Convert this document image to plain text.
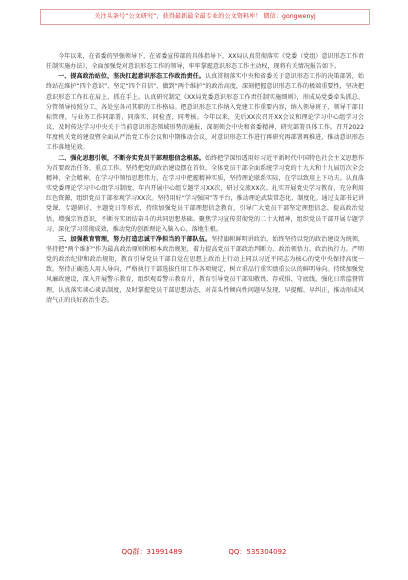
关注头条号“公文研究”，获得最新最全最专业的公文资料库！ 微信：gongwenyj

今年以来，在省委的坚强领导下，在省委宣传部的具体指导下，XX局认真贯彻落实《党委（党组）意识形态工作责任制实施办法》，全面加强党对意识形态工作的领导，牢牢掌握意识形态工作主动权，现将有关情况报告如下。

一、提高政治站位，坚决扛起意识形态工作政治责任。认真贯彻落实中央和省委关于意识形态工作的决策部署，始终站在维护“四个意识”、坚定“四个自信”、做到“两个维护”的政治高度，深刻把握意识形态工作的极端重要性，坚决把意识形态工作扛在肩上、抓在手上。认真研究制定《XX局党委意识形态工作责任制实施细则》，形成局党委牵头抓总、分管领导按照分工、各处室各司其职的工作格局。把意识形态工作纳入党建工作重要内容，纳入领导班子、领导干部目标管理，与业务工作同部署、同落实、同检查、同考核。今年以来，先后XX次召开XX会议和理论学习中心组学习会议，及时传达学习中央关于当前意识形态领域形势的通报，深刻领会中央和省委精神，研究部署具体工作。召开2022年度机关党的建设暨全面从严治党工作会议和中期推动会议，对意识形态工作进行再研究再部署再推进，推动意识形态工作落地见效。

二、强化思想引领，不断夯实党员干部理想信念根基。始终把学深悟透用好习近平新时代中国特色社会主义思想作为首要政治任务、重点工作。坚持把党的政治建设摆在首位，全体党员干部全面系统学习党的十九大和十九届历次全会精神、全会精神，在学习中领悟思想伟力，在学习中把握精神实质，坚持理论联系实际，在学以致用上下功夫。认真落实党委理论学习中心组学习制度，年内开展中心组专题学习XX次，研讨交流XX次。扎实开展党史学习教育，充分利用红色资源，组织党员干部参观学习XX次。坚持用好“学习强国”等平台，推动理论武装常态化、制度化。通过支部书记讲党课、专题研讨、主题党日等形式，持续加强党员干部理想信念教育，引导广大党员干部坚定理想信念、提高政治觉悟、增强宗旨意识，不断夯实团结奋斗的共同思想基础。聚焦学习宣传贯彻党的二十大精神，组织党员干部开展专题学习，深化学习贯彻成效，推动党的创新理论入脑入心、落地生根。

三、加强教育管理，努力打造忠诚干净担当的干部队伍。坚持旗帜鲜明讲政治，始终坚持以党的政治建设为统领，坚持把“两个维护”作为最高政治原则和根本政治规矩，着力提高党员干部政治判断力、政治领悟力、政治执行力。严明党的政治纪律和政治规矩，教育引导党员干部自觉在思想上政治上行动上同以习近平同志为核心的党中央保持高度一致。坚持正确选人用人导向，严格执行干部选拔任用工作各项规定，树立重品行重实绩重公认的鲜明导向。持续加强党风廉政建设，深入开展警示教育，组织观看警示教育片，教育引导党员干部知敬畏、存戒惧、守底线。强化日常监督管理，认真落实谈心谈话制度，及时掌握党员干部思想动态，对苗头性倾向性问题早发现、早提醒、早纠正，推动形成风清气正的良好政治生态。

QQ群：31991489	QQ：535304092
